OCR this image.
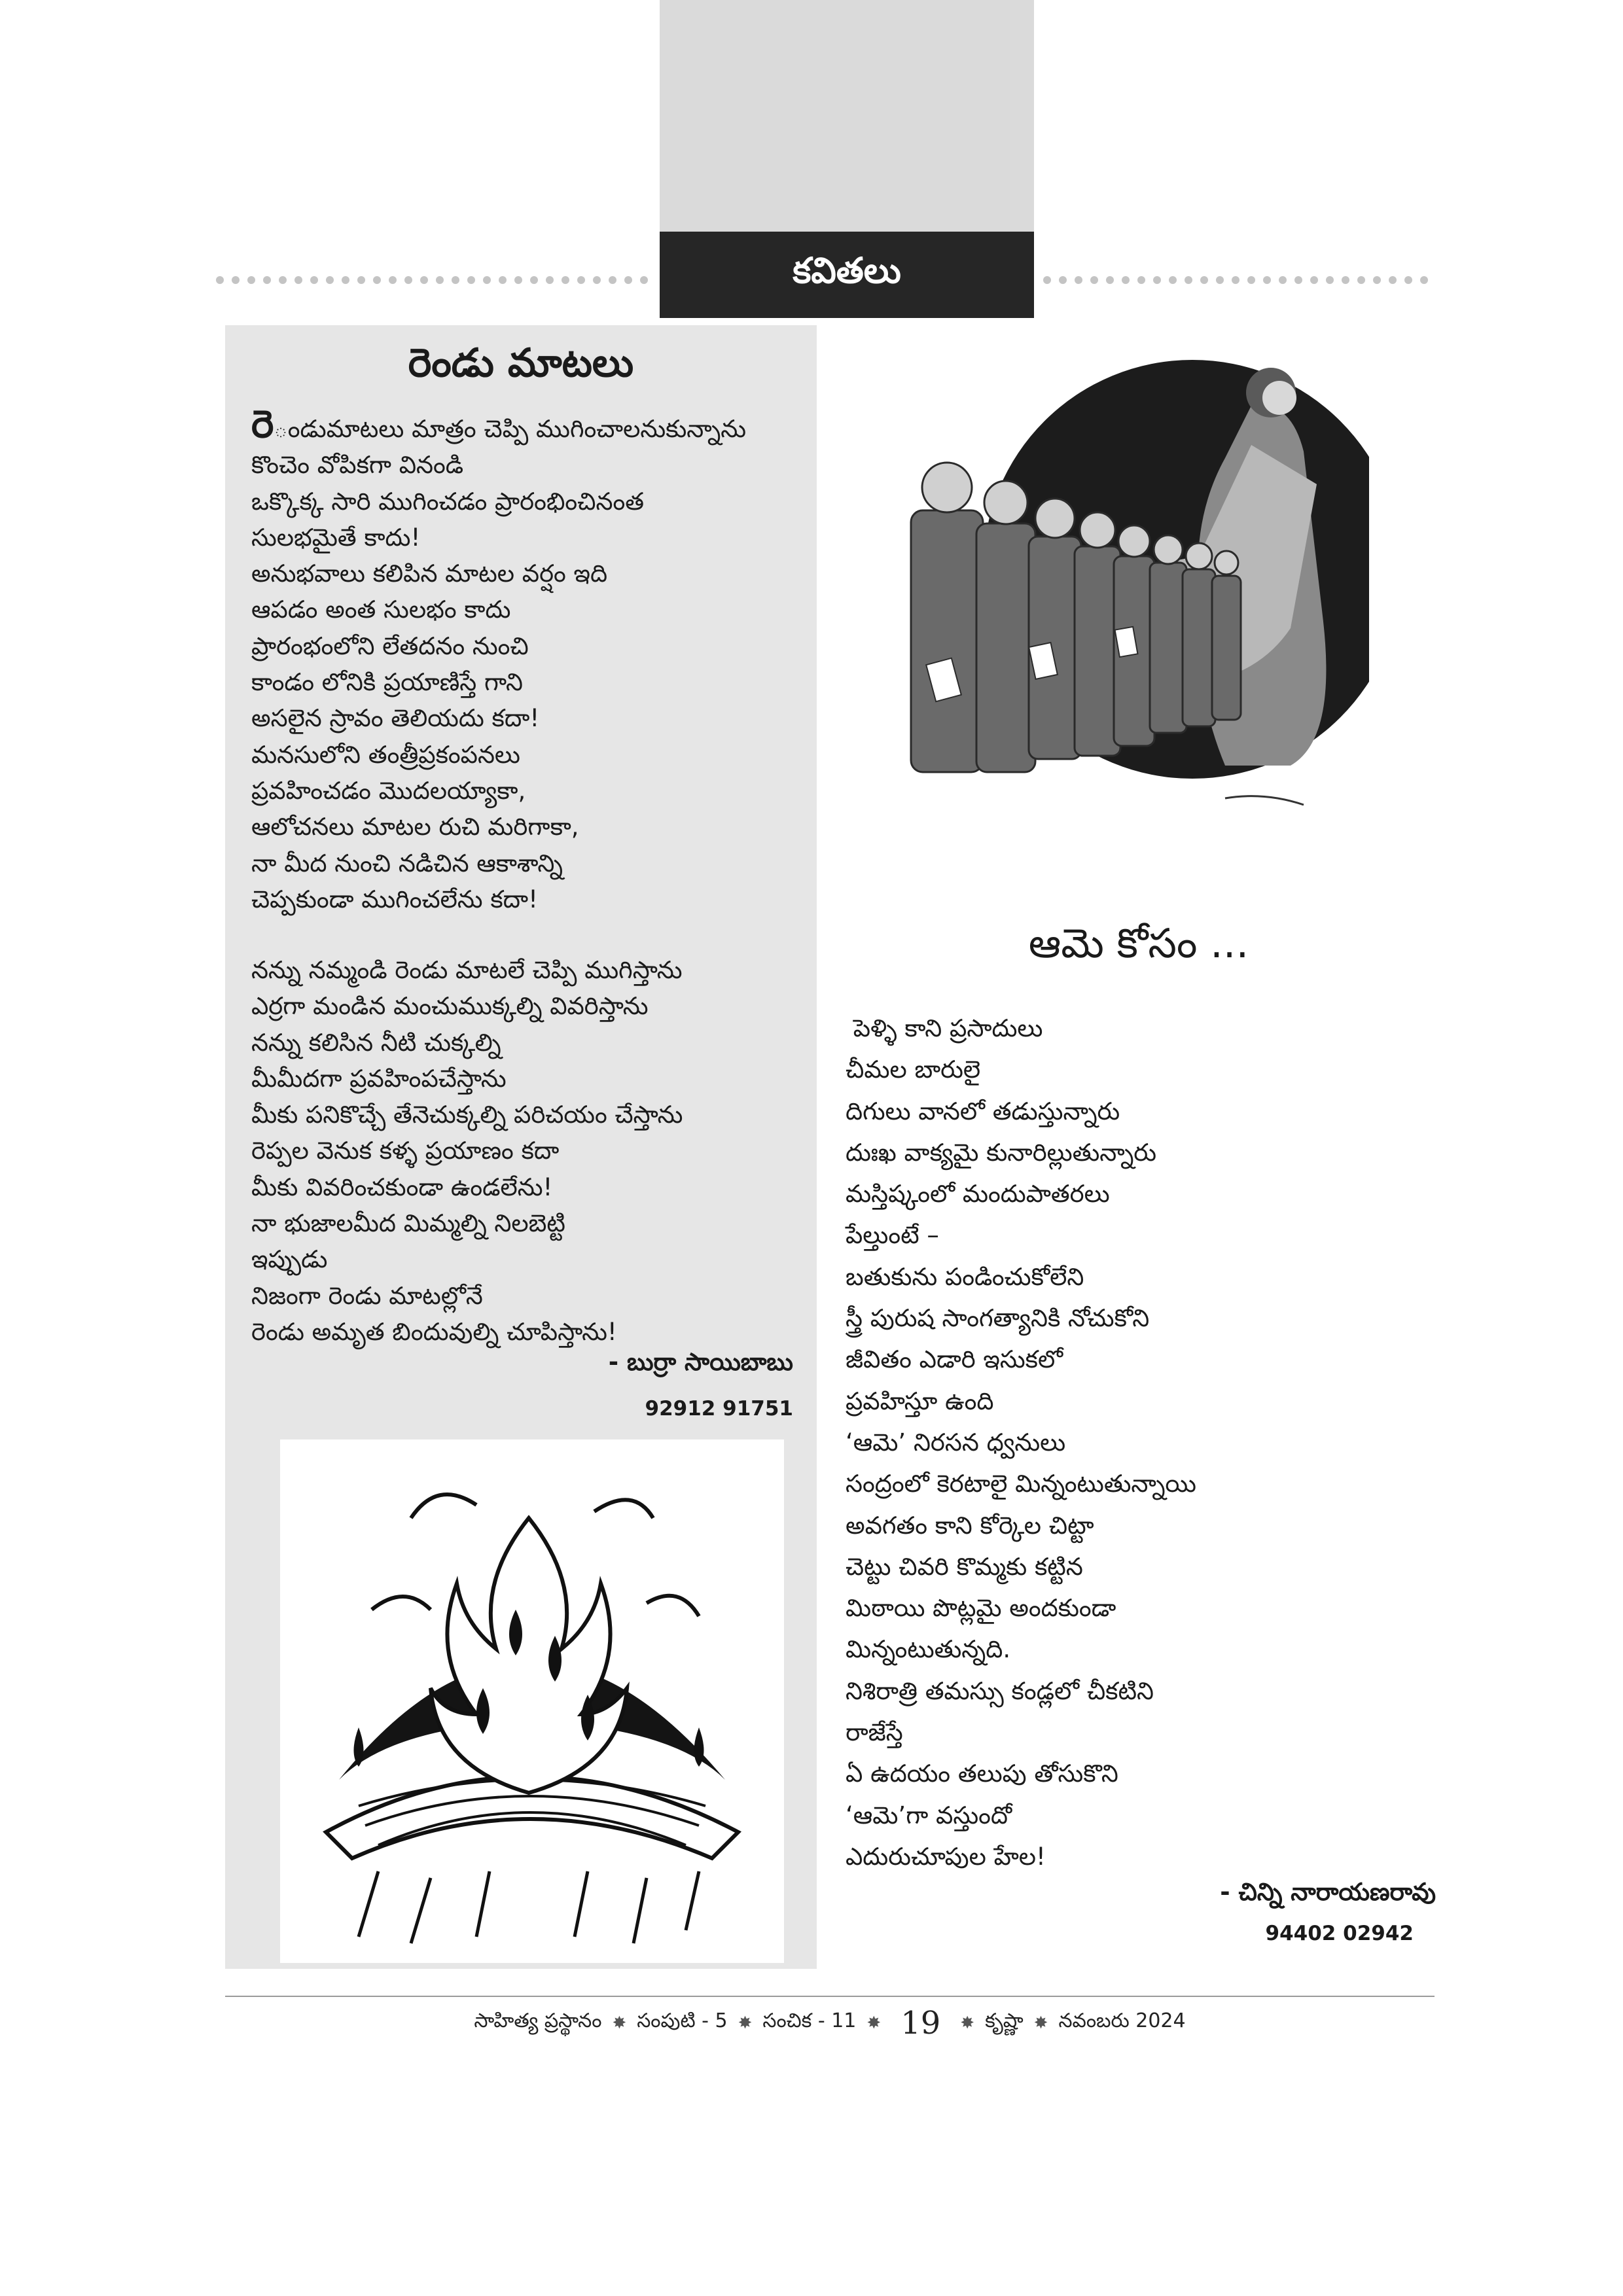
కవితలు
రెండు మాటలు
రెండుమాటలు మాత్రం చెప్పి ముగించాలనుకున్నాను
కొంచెం వోపికగా వినండి
ఒక్కొక్క సారి ముగించడం ప్రారంభించినంత
సులభమైతే కాదు!
అనుభవాలు కలిపిన మాటల వర్షం ఇది
ఆపడం అంత సులభం కాదు
ప్రారంభంలోని లేతదనం నుంచి
కాండం లోనికి ప్రయాణిస్తే గాని
అసలైన స్రావం తెలియదు కదా!
మనసులోని తంత్రీప్రకంపనలు
ప్రవహించడం మొదలయ్యాకా,
ఆలోచనలు మాటల రుచి మరిగాకా,
నా మీద నుంచి నడిచిన ఆకాశాన్ని
చెప్పకుండా ముగించలేను కదా!
నన్ను నమ్మండి రెండు మాటలే చెప్పి ముగిస్తాను
ఎర్రగా మండిన మంచుముక్కల్ని వివరిస్తాను
నన్ను కలిసిన నీటి చుక్కల్ని
మీమీదగా ప్రవహింపచేస్తాను
మీకు పనికొచ్చే తేనెచుక్కల్ని పరిచయం చేస్తాను
రెప్పల వెనుక కళ్ళ ప్రయాణం కదా
మీకు వివరించకుండా ఉండలేను!
నా భుజాలమీద మిమ్మల్ని నిలబెట్టి
ఇప్పుడు
నిజంగా రెండు మాటల్లోనే
రెండు అమృత బిందువుల్ని చూపిస్తాను!
- బుర్రా సాయిబాబు
92912 91751
ఆమె కోసం ...
పెళ్ళి కాని ప్రసాదులు
చీమల బారులై
దిగులు వానలో తడుస్తున్నారు
దుఃఖ వాక్యమై కునారిల్లుతున్నారు
మస్తిష్కంలో మందుపాతరలు
పేల్తుంటే –
బతుకును పండించుకోలేని
స్త్రీ పురుష సాంగత్యానికి నోచుకోని
జీవితం ఎడారి ఇసుకలో
ప్రవహిస్తూ ఉంది
‘ఆమె’ నిరసన ధ్వనులు
సంద్రంలో కెరటాలై మిన్నంటుతున్నాయి
అవగతం కాని కోర్కెల చిట్టా
చెట్టు చివరి కొమ్మకు కట్టిన
మిఠాయి పొట్లమై అందకుండా
మిన్నంటుతున్నది.
నిశిరాత్రి తమస్సు కండ్లలో చీకటిని
రాజేస్తే
ఏ ఉదయం తలుపు తోసుకొని
‘ఆమె’గా వస్తుందో
ఎదురుచూపుల హేల!
- చిన్ని నారాయణరావు
94402 02942
సాహిత్య ప్రస్థానం ✸ సంపుటి - 5 ✸ సంచిక - 11 ✸ 19 ✸ కృష్ణా ✸ నవంబరు 2024
